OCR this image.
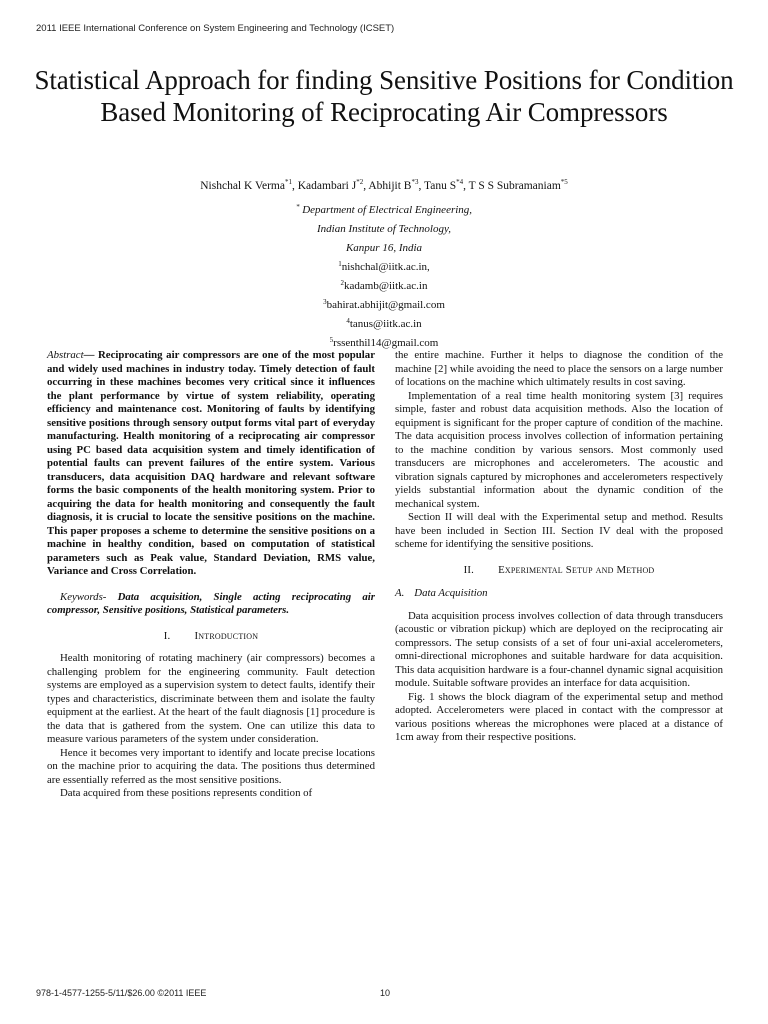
2011 IEEE International Conference on System Engineering and Technology (ICSET)
Statistical Approach for finding Sensitive Positions for Condition Based Monitoring of Reciprocating Air Compressors
Nishchal K Verma$^{*1}$, Kadambari $J^{*2}$, Abhijit $B^{*3}$, Tanu $S^{*4}$, T S S Subramaniam$^{*5}$
* Department of Electrical Engineering,
Indian Institute of Technology,
Kanpur 16, India
$^1$nishchal@iitk.ac.in,
$^2$kadamb@iitk.ac.in
$^3$bahirat.abhijit@gmail.com
$^4$tanus@iitk.ac.in
$^5$rssenthil14@gmail.com

Abstract— Reciprocating air compressors are one of the most popular and widely used machines in industry today. Timely detection of fault occurring in these machines becomes very critical since it influences the plant performance by virtue of system reliability, operating efficiency and maintenance cost. Monitoring of faults by identifying sensitive positions through sensory output forms vital part of everyday manufacturing. Health monitoring of a reciprocating air compressor using PC based data acquisition system and timely identification of potential faults can prevent failures of the entire system. Various transducers, data acquisition DAQ hardware and relevant software forms the basic components of the health monitoring system. Prior to acquiring the data for health monitoring and consequently the fault diagnosis, it is crucial to locate the sensitive positions on the machine. This paper proposes a scheme to determine the sensitive positions on a machine in healthy condition, based on computation of statistical parameters such as Peak value, Standard Deviation, RMS value, Variance and Cross Correlation.

Keywords- Data acquisition, Single acting reciprocating air compressor, Sensitive positions, Statistical parameters.

I. Introduction

Health monitoring of rotating machinery (air compressors) becomes a challenging problem for the engineering community. Fault detection systems are employed as a supervision system to detect faults, identify their types and characteristics, discriminate between them and isolate the faulty equipment at the earliest. At the heart of the fault diagnosis [1] procedure is the data that is gathered from the system. One can utilize this data to measure various parameters of the system under consideration.

Hence it becomes very important to identify and locate precise locations on the machine prior to acquiring the data. The positions thus determined are essentially referred as the most sensitive positions.

Data acquired from these positions represents condition of

the entire machine. Further it helps to diagnose the condition of the machine [2] while avoiding the need to place the sensors on a large number of locations on the machine which ultimately results in cost saving.

Implementation of a real time health monitoring system [3] requires simple, faster and robust data acquisition methods. Also the location of equipment is significant for the proper capture of condition of the machine. The data acquisition process involves collection of information pertaining to the machine condition by various sensors. Most commonly used transducers are microphones and accelerometers. The acoustic and vibration signals captured by microphones and accelerometers respectively yields substantial information about the dynamic condition of the mechanical system.

Section II will deal with the Experimental setup and method. Results have been included in Section III. Section IV deal with the proposed scheme for identifying the sensitive positions.

II. Experimental Setup and Method
A. Data Acquisition

Data acquisition process involves collection of data through transducers (acoustic or vibration pickup) which are deployed on the reciprocating air compressors. The setup consists of a set of four uni-axial accelerometers, omni-directional microphones and suitable hardware for data acquisition. This data acquisition hardware is a four-channel dynamic signal acquisition module. Suitable software provides an interface for data acquisition.

Fig. 1 shows the block diagram of the experimental setup and method adopted. Accelerometers were placed in contact with the compressor at various positions whereas the microphones were placed at a distance of 1cm away from their respective positions.

978-1-4577-1255-5/11/$26.00 ©2011 IEEE	10
